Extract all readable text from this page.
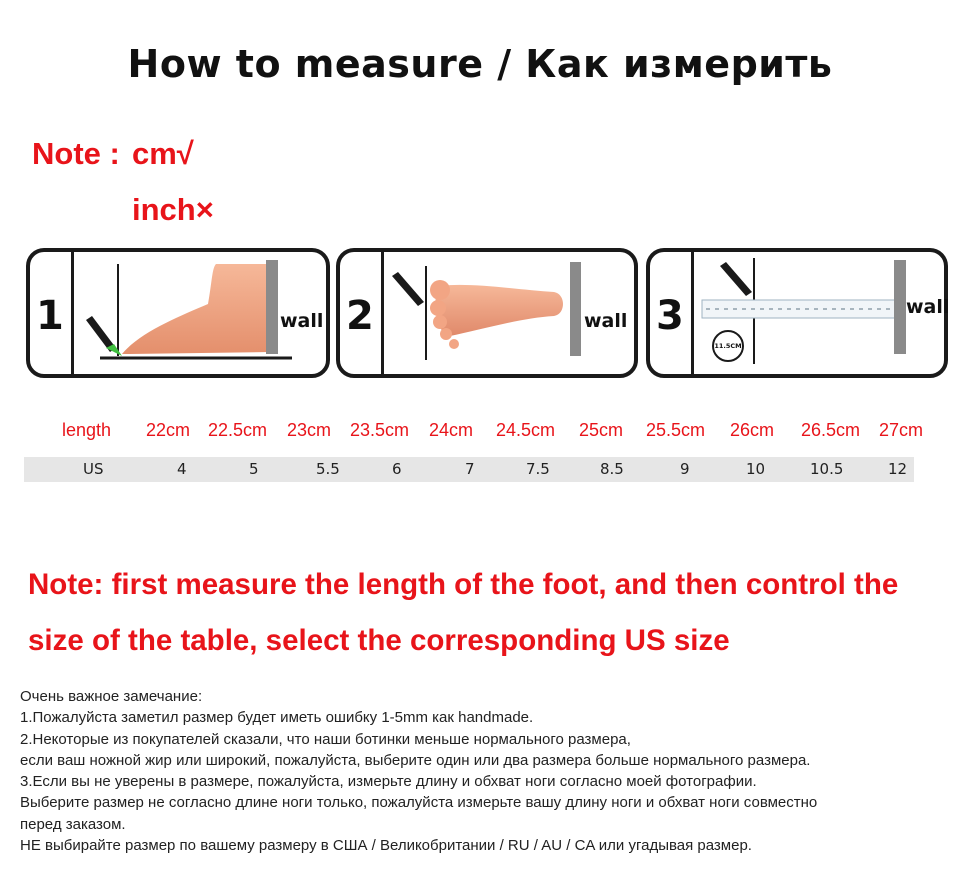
How to measure / Как измерить
Note : cm√
inch×
1	wall 2	wall 3
11.5CM
wall
length 22cm 22.5cm 23cm 23.5cm 24cm 24.5cm 25cm 25.5cm 26cm 26.5cm 27cm
US	4	5	5.5	6	7	7.5	8.5	9	10	10.5	12
Note: first measure the length of the foot, and then control the
size of the table, select the corresponding US size
Очень важное замечание:
1.Пожалуйста заметил размер будет иметь ошибку 1-5mm как handmade.
2.Некоторые из покупателей сказали, что наши ботинки меньше нормального размера,
если ваш ножной жир или широкий, пожалуйста, выберите один или два размера больше нормального размера.
3.Если вы не уверены в размере, пожалуйста, измерьте длину и обхват ноги согласно моей фотографии.
Выберите размер не согласно длине ноги только, пожалуйста измерьте вашу длину ноги и обхват ноги совместно
перед заказом.
НЕ выбирайте размер по вашему размеру в США / Великобритании / RU / AU / CA или угадывая размер.
